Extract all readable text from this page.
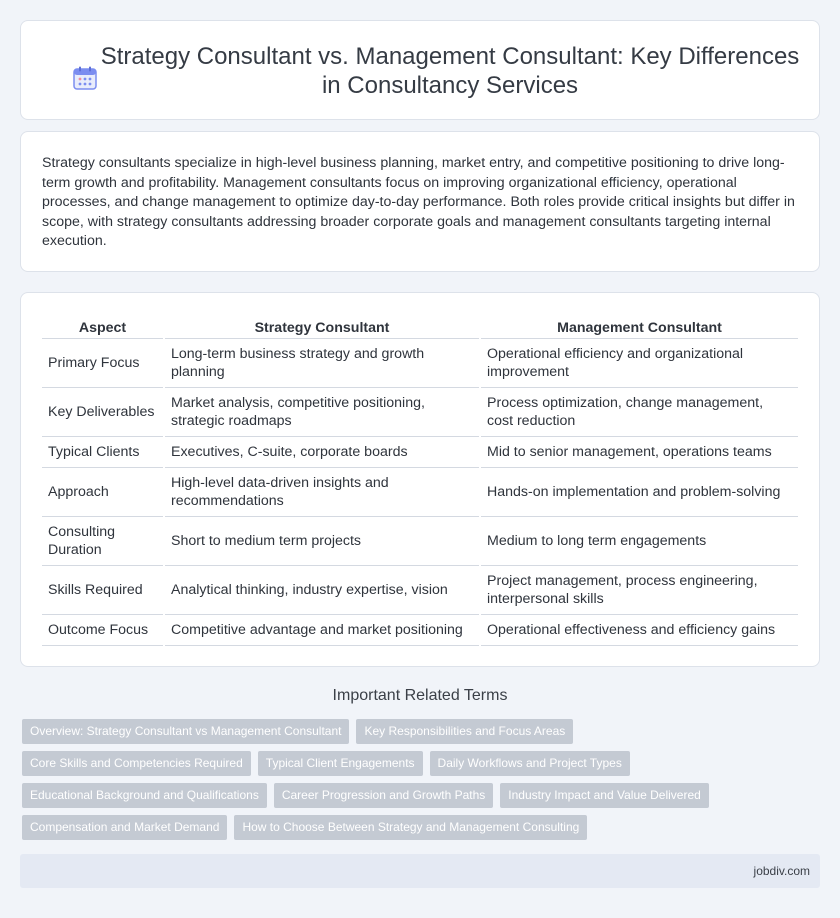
Strategy Consultant vs. Management Consultant: Key Differences in Consultancy Services

Strategy consultants specialize in high-level business planning, market entry, and competitive positioning to drive long-term growth and profitability. Management consultants focus on improving organizational efficiency, operational processes, and change management to optimize day-to-day performance. Both roles provide critical insights but differ in scope, with strategy consultants addressing broader corporate goals and management consultants targeting internal execution.

Aspect	Strategy Consultant	Management Consultant
Primary Focus	Long-term business strategy and growth planning	Operational efficiency and organizational improvement
Key Deliverables	Market analysis, competitive positioning, strategic roadmaps	Process optimization, change management, cost reduction
Typical Clients	Executives, C-suite, corporate boards	Mid to senior management, operations teams
Approach	High-level data-driven insights and recommendations	Hands-on implementation and problem-solving
Consulting Duration	Short to medium term projects	Medium to long term engagements
Skills Required	Analytical thinking, industry expertise, vision	Project management, process engineering, interpersonal skills
Outcome Focus	Competitive advantage and market positioning	Operational effectiveness and efficiency gains
Important Related Terms
Overview: Strategy Consultant vs Management Consultant	Key Responsibilities and Focus Areas
Core Skills and Competencies Required	Typical Client Engagements	Daily Workflows and Project Types
Educational Background and Qualifications	Career Progression and Growth Paths	Industry Impact and Value Delivered
Compensation and Market Demand	How to Choose Between Strategy and Management Consulting
jobdiv.com
